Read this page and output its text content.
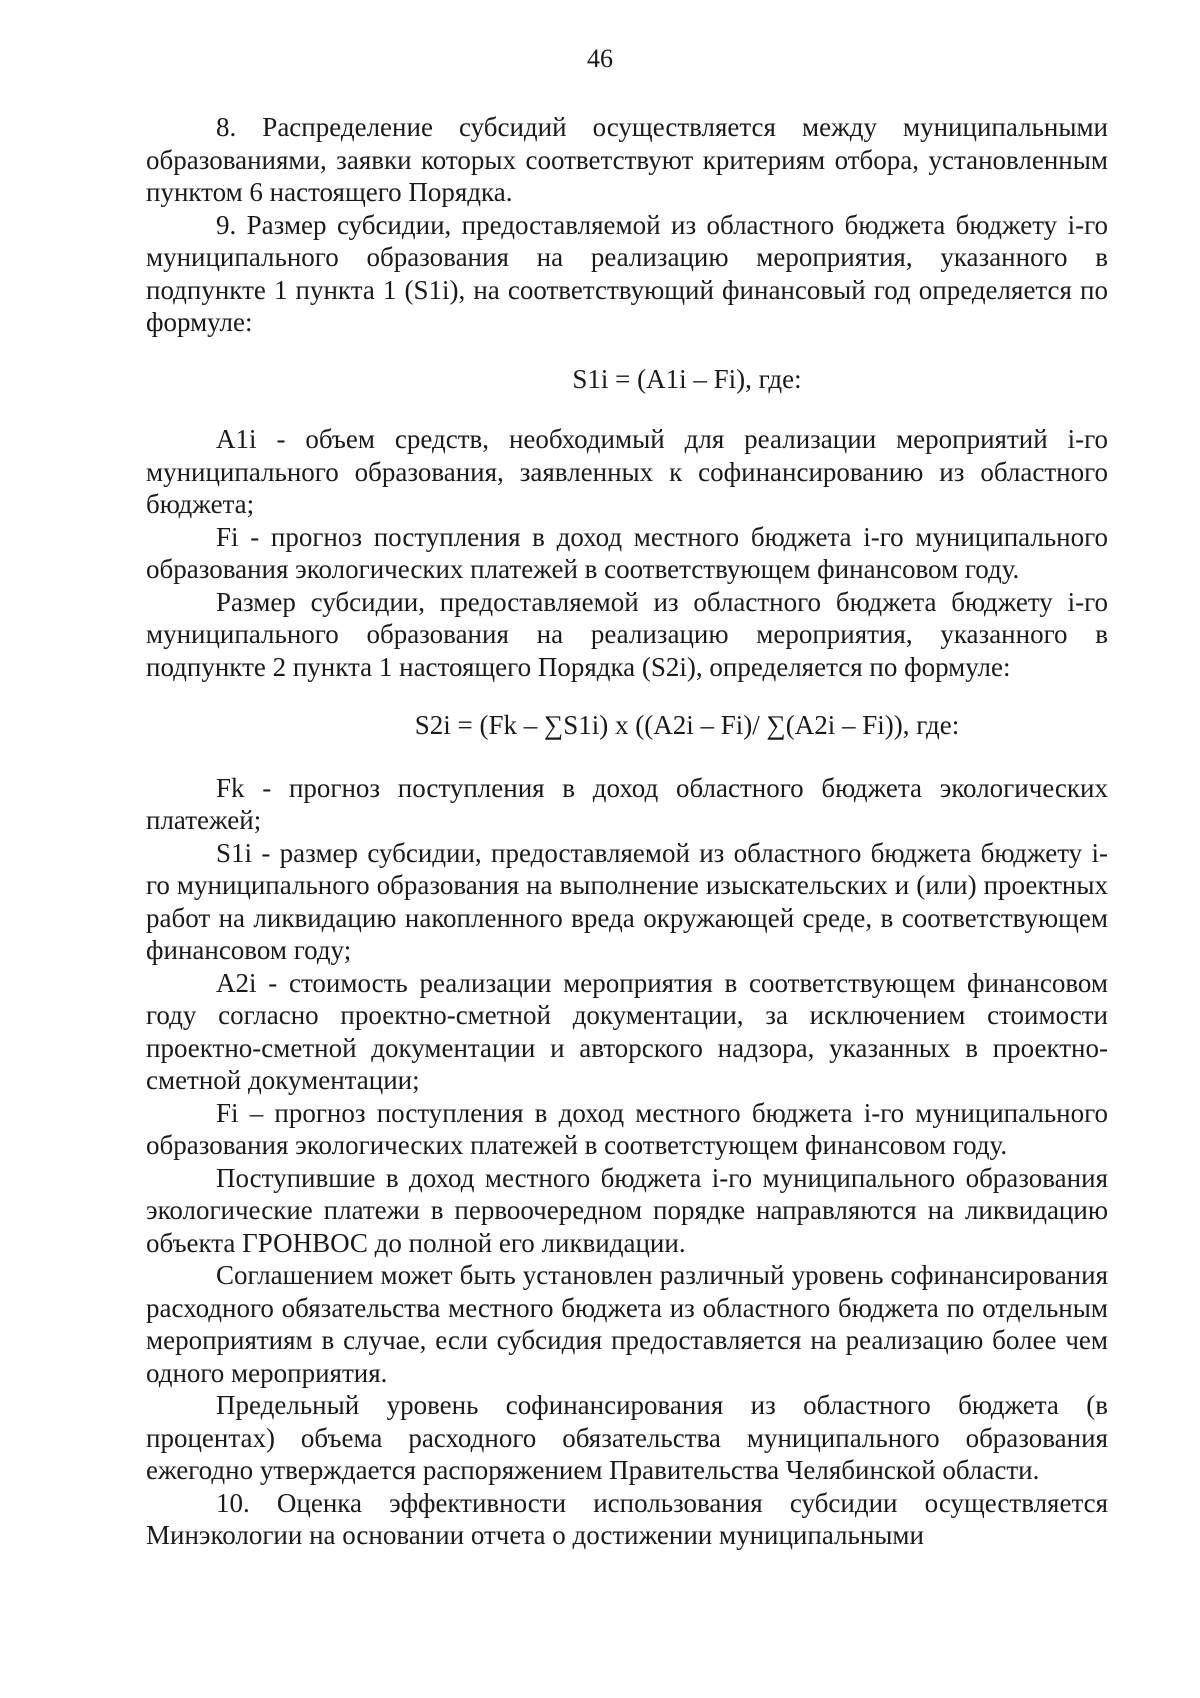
46

8. Распределение субсидий осуществляется между муниципальными образованиями, заявки которых соответствуют критериям отбора, установленным пунктом 6 настоящего Порядка.

9. Размер субсидии, предоставляемой из областного бюджета бюджету i-го муниципального образования на реализацию мероприятия, указанного в подпункте 1 пункта 1 (S1i), на соответствующий финансовый год определяется по формуле:

S1i = (A1i – Fi), где:

A1i - объем средств, необходимый для реализации мероприятий i-го муниципального образования, заявленных к софинансированию из областного бюджета;

Fi - прогноз поступления в доход местного бюджета i-го муниципального образования экологических платежей в соответствующем финансовом году.

Размер субсидии, предоставляемой из областного бюджета бюджету i-го муниципального образования на реализацию мероприятия, указанного в подпункте 2 пункта 1 настоящего Порядка (S2i), определяется по формуле:

S2i = (Fk – ∑S1i) x ((A2i – Fi)/ ∑(A2i – Fi)), где:

Fk - прогноз поступления в доход областного бюджета экологических платежей;

S1i - размер субсидии, предоставляемой из областного бюджета бюджету i-го муниципального образования на выполнение изыскательских и (или) проектных работ на ликвидацию накопленного вреда окружающей среде, в соответствующем финансовом году;

A2i - стоимость реализации мероприятия в соответствующем финансовом году согласно проектно-сметной документации, за исключением стоимости проектно-сметной документации и авторского надзора, указанных в проектно-сметной документации;

Fi – прогноз поступления в доход местного бюджета i-го муниципального образования экологических платежей в соответстующем финансовом году.

Поступившие в доход местного бюджета i-го муниципального образования экологические платежи в первоочередном порядке направляются на ликвидацию объекта ГРОНВОС до полной его ликвидации.

Соглашением может быть установлен различный уровень софинансирования расходного обязательства местного бюджета из областного бюджета по отдельным мероприятиям в случае, если субсидия предоставляется на реализацию более чем одного мероприятия.

Предельный уровень софинансирования из областного бюджета (в процентах) объема расходного обязательства муниципального образования ежегодно утверждается распоряжением Правительства Челябинской области.

10. Оценка эффективности использования субсидии осуществляется Минэкологии на основании отчета о достижении муниципальными
